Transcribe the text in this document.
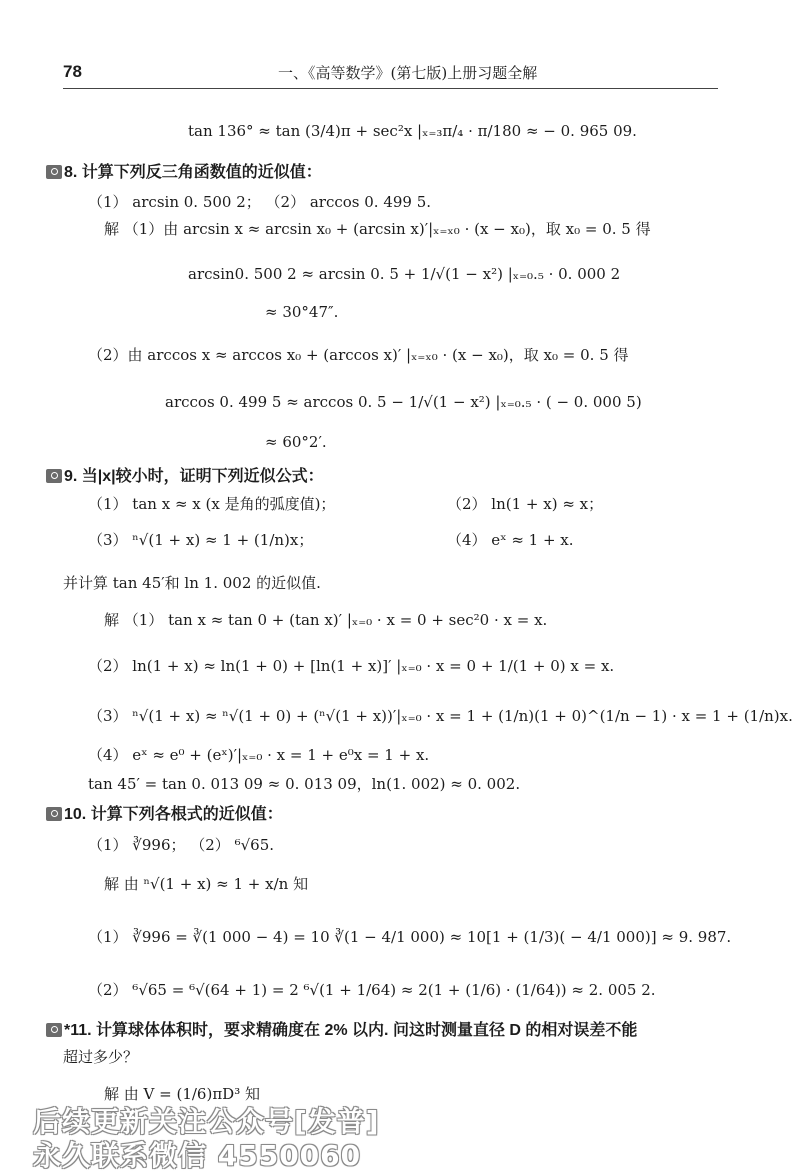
78	一、《高等数学》(第七版)上册习题全解
tan 136° ≈ tan (3/4)π + sec²x |ₓ₌₃π/₄ · π/180 ≈ − 0. 965 09.
8. 计算下列反三角函数值的近似值：
（1） arcsin 0. 500 2； （2） arccos 0. 499 5.
解 （1）由 arcsin x ≈ arcsin x₀ + (arcsin x)′|ₓ₌ₓ₀ · (x − x₀)，取 x₀ = 0. 5 得
arcsin0. 500 2 ≈ arcsin 0. 5 + 1/√(1 − x²) |ₓ₌₀.₅ · 0. 000 2
≈ 30°47″.
（2）由 arccos x ≈ arccos x₀ + (arccos x)′ |ₓ₌ₓ₀ · (x − x₀)，取 x₀ = 0. 5 得
arccos 0. 499 5 ≈ arccos 0. 5 − 1/√(1 − x²) |ₓ₌₀.₅ · ( − 0. 000 5)
≈ 60°2′.
9. 当|x|较小时，证明下列近似公式：
（1） tan x ≈ x (x 是角的弧度值)；	（2） ln(1 + x) ≈ x；
（3） ⁿ√(1 + x) ≈ 1 + (1/n)x；	（4） eˣ ≈ 1 + x.
并计算 tan 45′和 ln 1. 002 的近似值.
解 （1） tan x ≈ tan 0 + (tan x)′ |ₓ₌₀ · x = 0 + sec²0 · x = x.
（2） ln(1 + x) ≈ ln(1 + 0) + [ln(1 + x)]′ |ₓ₌₀ · x = 0 + 1/(1 + 0) x = x.
（3） ⁿ√(1 + x) ≈ ⁿ√(1 + 0) + (ⁿ√(1 + x))′|ₓ₌₀ · x = 1 + (1/n)(1 + 0)^(1/n − 1) · x = 1 + (1/n)x.
（4） eˣ ≈ e⁰ + (eˣ)′|ₓ₌₀ · x = 1 + e⁰x = 1 + x.
tan 45′ = tan 0. 013 09 ≈ 0. 013 09，ln(1. 002) ≈ 0. 002.
10. 计算下列各根式的近似值：
（1） ∛996； （2） ⁶√65.
解 由 ⁿ√(1 + x) ≈ 1 + x/n 知
（1） ∛996 = ∛(1 000 − 4) = 10 ∛(1 − 4/1 000) ≈ 10[1 + (1/3)( − 4/1 000)] ≈ 9. 987.
（2） ⁶√65 = ⁶√(64 + 1) = 2 ⁶√(1 + 1/64) ≈ 2(1 + (1/6) · (1/64)) ≈ 2. 005 2.
*11. 计算球体体积时，要求精确度在 2% 以内. 问这时测量直径 D 的相对误差不能
超过多少？
解 由 V = (1/6)πD³ 知
后续更新关注公众号[发普]
永久联系微信 4550060
